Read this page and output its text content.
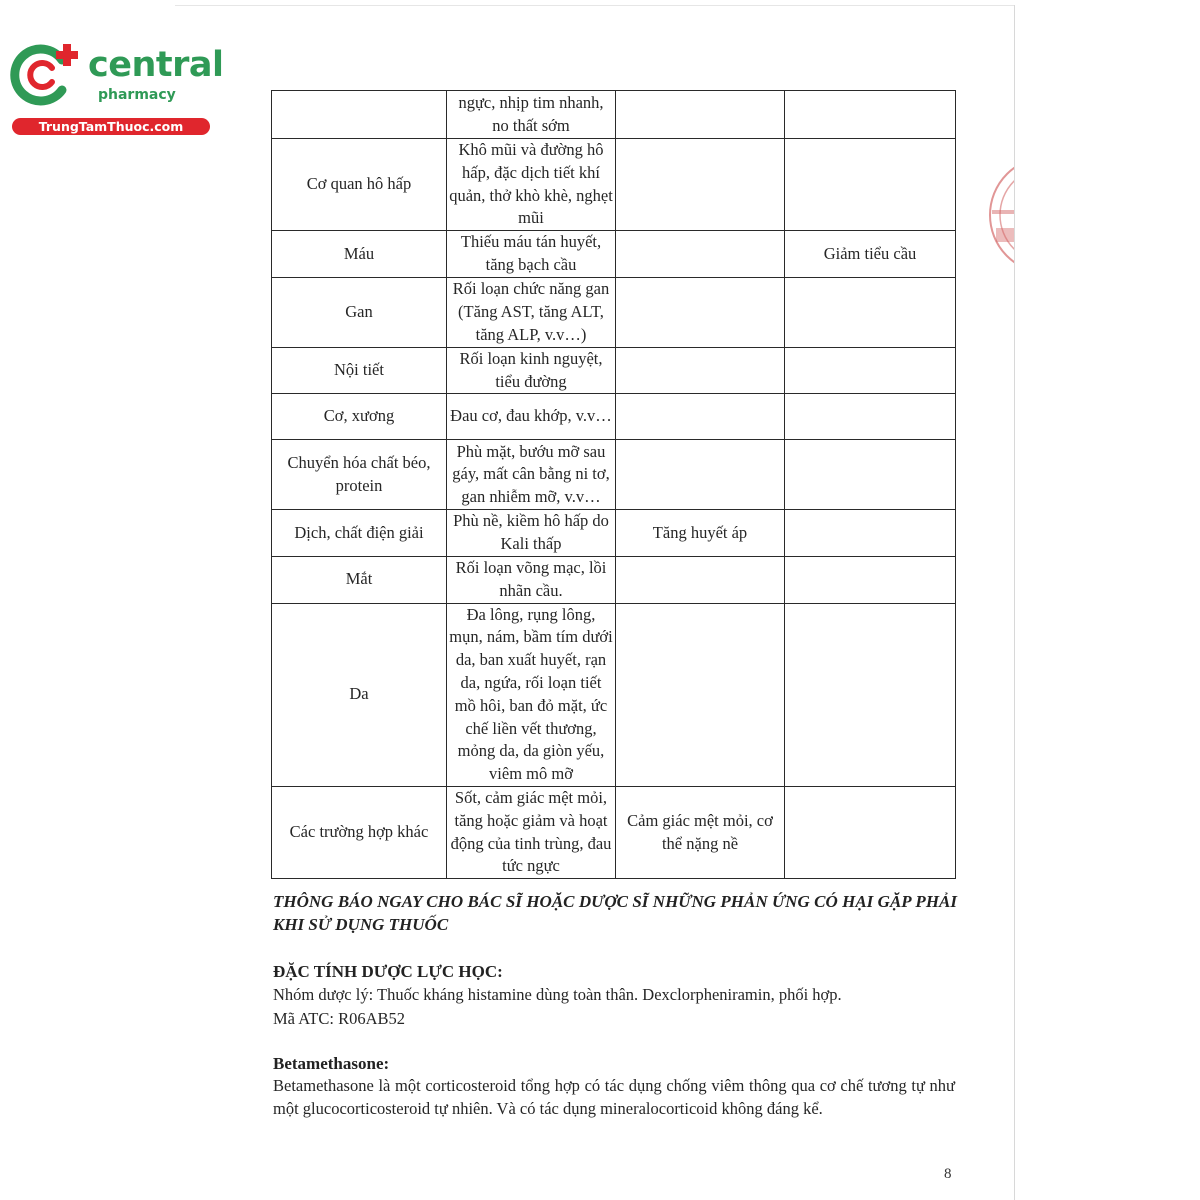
central
pharmacy
TrungTamThuoc.com
	ngực, nhịp tim nhanh, no thất sớm		
Cơ quan hô hấp	Khô mũi và đường hô hấp, đặc dịch tiết khí quản, thở khò khè, nghẹt mũi		
Máu	Thiếu máu tán huyết, tăng bạch cầu		Giảm tiểu cầu
Gan	Rối loạn chức năng gan (Tăng AST, tăng ALT, tăng ALP, v.v…)		
Nội tiết	Rối loạn kinh nguyệt, tiểu đường		
Cơ, xương	Đau cơ, đau khớp, v.v…		
Chuyển hóa chất béo, protein	Phù mặt, bướu mỡ sau gáy, mất cân bằng ni tơ, gan nhiễm mỡ, v.v…		
Dịch, chất điện giải	Phù nề, kiềm hô hấp do Kali thấp	Tăng huyết áp	
Mắt	Rối loạn võng mạc, lồi nhãn cầu.		
Da	Đa lông, rụng lông, mụn, nám, bầm tím dưới da, ban xuất huyết, rạn da, ngứa, rối loạn tiết mồ hôi, ban đỏ mặt, ức chế liền vết thương, mỏng da, da giòn yếu, viêm mô mỡ		
Các trường hợp khác	Sốt, cảm giác mệt mỏi, tăng hoặc giảm và hoạt động của tinh trùng, đau tức ngực	Cảm giác mệt mỏi, cơ thể nặng nề	
THÔNG BÁO NGAY CHO BÁC SĨ HOẶC DƯỢC SĨ NHỮNG PHẢN ỨNG CÓ HẠI GẶP PHẢI KHI SỬ DỤNG THUỐC
ĐẶC TÍNH DƯỢC LỰC HỌC:
Nhóm dược lý: Thuốc kháng histamine dùng toàn thân. Dexclorpheniramin, phối hợp.
Mã ATC: R06AB52
Betamethasone:
Betamethasone là một corticosteroid tổng hợp có tác dụng chống viêm thông qua cơ chế tương tự như một glucocorticosteroid tự nhiên. Và có tác dụng mineralocorticoid không đáng kể.
8
